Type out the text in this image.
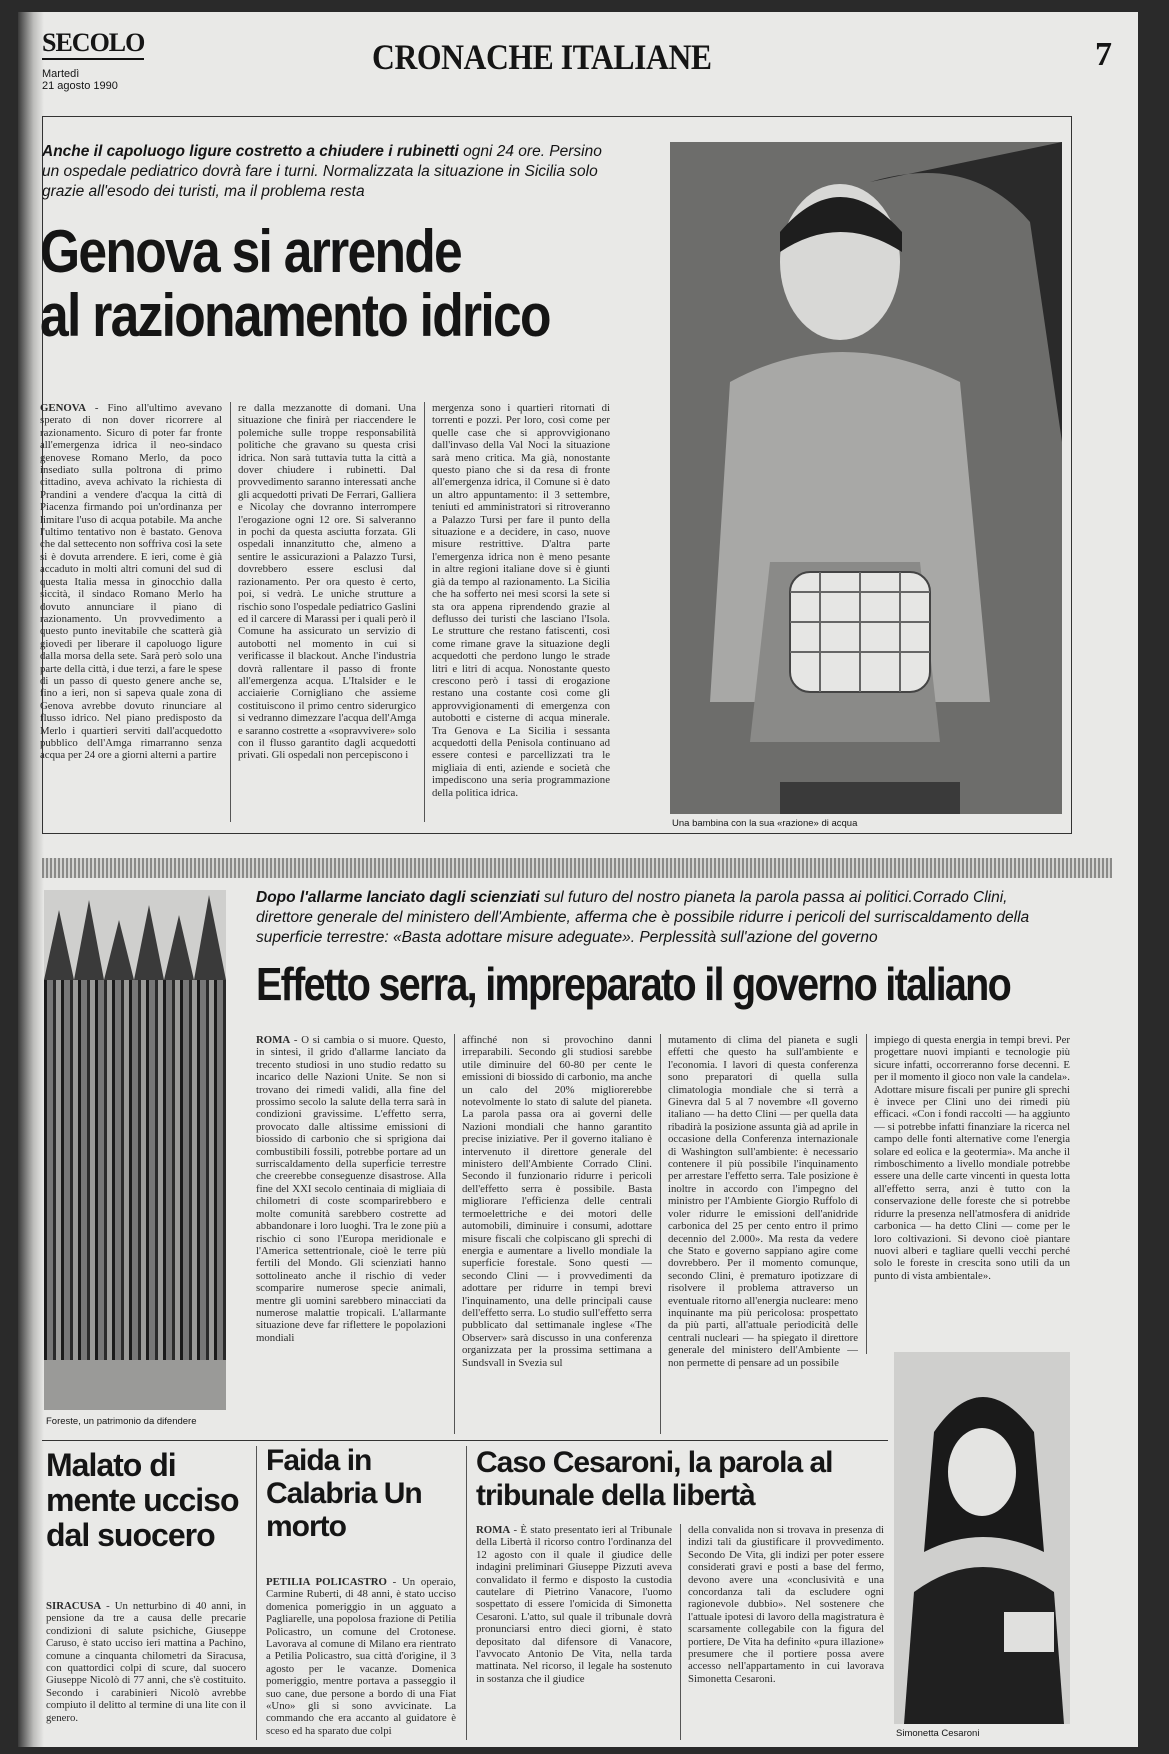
SECOLO
Martedì
21 agosto 1990
CRONACHE ITALIANE	7
Anche il capoluogo ligure costretto a chiudere i rubinetti ogni 24 ore. Persino un ospedale pediatrico dovrà fare i turni. Normalizzata la situazione in Sicilia solo grazie all'esodo dei turisti, ma il problema resta
Genova si arrende
al razionamento idrico

GENOVA - Fino all'ultimo avevano sperato di non dover ricorrere al razionamento. Sicuro di poter far fronte all'emergenza idrica il neo-sindaco genovese Romano Merlo, da poco insediato sulla poltrona di primo cittadino, aveva achivato la richiesta di Prandini a vendere d'acqua la città di Piacenza firmando poi un'ordinanza per limitare l'uso di acqua potabile. Ma anche l'ultimo tentativo non è bastato. Genova che dal settecento non soffriva così la sete si è dovuta arrendere. E ieri, come è già accaduto in molti altri comuni del sud di questa Italia messa in ginocchio dalla siccità, il sindaco Romano Merlo ha dovuto annunciare il piano di razionamento. Un provvedimento a questo punto inevitabile che scatterà già giovedì per liberare il capoluogo ligure dalla morsa della sete. Sarà però solo una parte della città, i due terzi, a fare le spese di un passo di questo genere anche se, fino a ieri, non si sapeva quale zona di Genova avrebbe dovuto rinunciare al flusso idrico. Nel piano predisposto da Merlo i quartieri serviti dall'acquedotto pubblico dell'Amga rimarranno senza acqua per 24 ore a giorni alterni a partire

re dalla mezzanotte di domani. Una situazione che finirà per riaccendere le polemiche sulle troppe responsabilità politiche che gravano su questa crisi idrica. Non sarà tuttavia tutta la città a dover chiudere i rubinetti. Dal provvedimento saranno interessati anche gli acquedotti privati De Ferrari, Galliera e Nicolay che dovranno interrompere l'erogazione ogni 12 ore. Si salveranno in pochi da questa asciutta forzata. Gli ospedali innanzitutto che, almeno a sentire le assicurazioni a Palazzo Tursi, dovrebbero essere esclusi dal razionamento. Per ora questo è certo, poi, si vedrà. Le uniche strutture a rischio sono l'ospedale pediatrico Gaslini ed il carcere di Marassi per i quali però il Comune ha assicurato un servizio di autobotti nel momento in cui si verificasse il blackout. Anche l'industria dovrà rallentare il passo di fronte all'emergenza acqua. L'Italsider e le acciaierie Cornigliano che assieme costituiscono il primo centro siderurgico si vedranno dimezzare l'acqua dell'Amga e saranno costrette a «sopravvivere» solo con il flusso garantito dagli acquedotti privati. Gli ospedali non percepiscono i

mergenza sono i quartieri ritornati di torrenti e pozzi. Per loro, così come per quelle case che si approvvigionano dall'invaso della Val Noci la situazione sarà meno critica. Ma già, nonostante questo piano che si da resa di fronte all'emergenza idrica, il Comune si è dato un altro appuntamento: il 3 settembre, teniuti ed amministratori si ritroveranno a Palazzo Tursi per fare il punto della situazione e a decidere, in caso, nuove misure restrittive. D'altra parte l'emergenza idrica non è meno pesante in altre regioni italiane dove si è giunti già da tempo al razionamento. La Sicilia che ha sofferto nei mesi scorsi la sete si sta ora appena riprendendo grazie al deflusso dei turisti che lasciano l'Isola. Le strutture che restano fatiscenti, così come rimane grave la situazione degli acquedotti che perdono lungo le strade litri e litri di acqua. Nonostante questo crescono però i tassi di erogazione restano una costante così come gli approvvigionamenti di emergenza con autobotti e cisterne di acqua minerale. Tra Genova e La Sicilia i sessanta acquedotti della Penisola continuano ad essere contesi e parcellizzati tra le migliaia di enti, aziende e società che impediscono una seria programmazione della politica idrica.

Una bambina con la sua «razione» di acqua
Foreste, un patrimonio da difendere
Dopo l'allarme lanciato dagli scienziati sul futuro del nostro pianeta la parola passa ai politici.Corrado Clini, direttore generale del ministero dell'Ambiente, afferma che è possibile ridurre i pericoli del surriscaldamento della superficie terrestre: «Basta adottare misure adeguate». Perplessità sull'azione del governo
Effetto serra, impreparato il governo italiano

ROMA - O si cambia o si muore. Questo, in sintesi, il grido d'allarme lanciato da trecento studiosi in uno studio redatto su incarico delle Nazioni Unite. Se non si trovano dei rimedi validi, alla fine del prossimo secolo la salute della terra sarà in condizioni gravissime. L'effetto serra, provocato dalle altissime emissioni di biossido di carbonio che si sprigiona dai combustibili fossili, potrebbe portare ad un surriscaldamento della superficie terrestre che creerebbe conseguenze disastrose. Alla fine del XXI secolo centinaia di migliaia di chilometri di coste scomparirebbero e molte comunità sarebbero costrette ad abbandonare i loro luoghi. Tra le zone più a rischio ci sono l'Europa meridionale e l'America settentrionale, cioè le terre più fertili del Mondo. Gli scienziati hanno sottolineato anche il rischio di veder scomparire numerose specie animali, mentre gli uomini sarebbero minacciati da numerose malattie tropicali. L'allarmante situazione deve far riflettere le popolazioni mondiali

affinché non si provochino danni irreparabili. Secondo gli studiosi sarebbe utile diminuire del 60-80 per cente le emissioni di biossido di carbonio, ma anche un calo del 20% migliorerebbe notevolmente lo stato di salute del pianeta. La parola passa ora ai governi delle Nazioni mondiali che hanno garantito precise iniziative. Per il governo italiano è intervenuto il direttore generale del ministero dell'Ambiente Corrado Clini. Secondo il funzionario ridurre i pericoli dell'effetto serra è possibile. Basta migliorare l'efficienza delle centrali termoelettriche e dei motori delle automobili, diminuire i consumi, adottare misure fiscali che colpiscano gli sprechi di energia e aumentare a livello mondiale la superficie forestale. Sono questi — secondo Clini — i provvedimenti da adottare per ridurre in tempi brevi l'inquinamento, una delle principali cause dell'effetto serra. Lo studio sull'effetto serra pubblicato dal settimanale inglese «The Observer» sarà discusso in una conferenza organizzata per la prossima settimana a Sundsvall in Svezia sul

mutamento di clima del pianeta e sugli effetti che questo ha sull'ambiente e l'economia. I lavori di questa conferenza sono preparatori di quella sulla climatologia mondiale che si terrà a Ginevra dal 5 al 7 novembre «Il governo italiano — ha detto Clini — per quella data ribadirà la posizione assunta già ad aprile in occasione della Conferenza internazionale di Washington sull'ambiente: è necessario contenere il più possibile l'inquinamento per arrestare l'effetto serra. Tale posizione è inoltre in accordo con l'impegno del ministro per l'Ambiente Giorgio Ruffolo di voler ridurre le emissioni dell'anidride carbonica del 25 per cento entro il primo decennio del 2.000». Ma resta da vedere che Stato e governo sappiano agire come dovrebbero. Per il momento comunque, secondo Clini, è prematuro ipotizzare di risolvere il problema attraverso un eventuale ritorno all'energia nucleare: meno inquinante ma più pericolosa: prospettato da più parti, all'attuale periodicità delle centrali nucleari — ha spiegato il direttore generale del ministero dell'Ambiente — non permette di pensare ad un possibile

impiego di questa energia in tempi brevi. Per progettare nuovi impianti e tecnologie più sicure infatti, occorreranno forse decenni. E per il momento il gioco non vale la candela». Adottare misure fiscali per punire gli sprechi è invece per Clini uno dei rimedi più efficaci. «Con i fondi raccolti — ha aggiunto — si potrebbe infatti finanziare la ricerca nel campo delle fonti alternative come l'energia solare ed eolica e la geotermia». Ma anche il rimboschimento a livello mondiale potrebbe essere una delle carte vincenti in questa lotta all'effetto serra, anzi è tutto con la conservazione delle foreste che si potrebbe ridurre la presenza nell'atmosfera di anidride carbonica — ha detto Clini — come per le loro coltivazioni. Si devono cioè piantare nuovi alberi e tagliare quelli vecchi perché solo le foreste in crescita sono utili da un punto di vista ambientale».

Malato di mente ucciso dal suocero

SIRACUSA - Un netturbino di 40 anni, in pensione da tre a causa delle precarie condizioni di salute psichiche, Giuseppe Caruso, è stato ucciso ieri mattina a Pachino, comune a cinquanta chilometri da Siracusa, con quattordici colpi di scure, dal suocero Giuseppe Nicolò di 77 anni, che s'è costituito. Secondo i carabinieri Nicolò avrebbe compiuto il delitto al termine di una lite con il genero.

Faida in Calabria Un morto

PETILIA POLICASTRO - Un operaio, Carmine Ruberti, di 48 anni, è stato ucciso domenica pomeriggio in un agguato a Pagliarelle, una popolosa frazione di Petilia Policastro, un comune del Crotonese. Lavorava al comune di Milano era rientrato a Petilia Policastro, sua città d'origine, il 3 agosto per le vacanze. Domenica pomeriggio, mentre portava a passeggio il suo cane, due persone a bordo di una Fiat «Uno» gli si sono avvicinate. La commando che era accanto al guidatore è sceso ed ha sparato due colpi

Caso Cesaroni, la parola al tribunale della libertà

ROMA - È stato presentato ieri al Tribunale della Libertà il ricorso contro l'ordinanza del 12 agosto con il quale il giudice delle indagini preliminari Giuseppe Pizzuti aveva convalidato il fermo e disposto la custodia cautelare di Pietrino Vanacore, l'uomo sospettato di essere l'omicida di Simonetta Cesaroni. L'atto, sul quale il tribunale dovrà pronunciarsi entro dieci giorni, è stato depositato dal difensore di Vanacore, l'avvocato Antonio De Vita, nella tarda mattinata. Nel ricorso, il legale ha sostenuto in sostanza che il giudice

della convalida non si trovava in presenza di indizi tali da giustificare il provvedimento. Secondo De Vita, gli indizi per poter essere considerati gravi e posti a base del fermo, devono avere una «conclusività e una concordanza tali da escludere ogni ragionevole dubbio». Nel sostenere che l'attuale ipotesi di lavoro della magistratura è scarsamente collegabile con la figura del portiere, De Vita ha definito «pura illazione» presumere che il portiere possa avere accesso nell'appartamento in cui lavorava Simonetta Cesaroni.

Simonetta Cesaroni
